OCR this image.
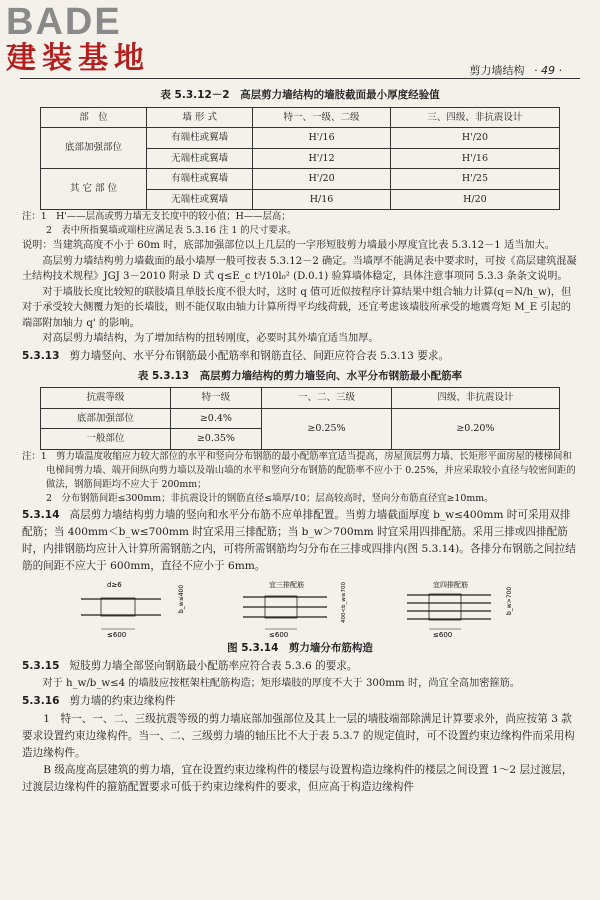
BADE
建装基地	剪力墙结构 · 49 ·
表 5.3.12－2　高层剪力墙结构的墙肢截面最小厚度经验值
部　位	墙 形 式	特一、一级、二级	三、四级、非抗震设计
底部加强部位	有端柱或翼墙	H'/16	H'/20
	无端柱或翼墙	H'/12	H'/16
其 它 部 位	有端柱或翼墙	H'/20	H'/25
	无端柱或翼墙	H/16	H/20

注：1　H'——层高或剪力墙无支长度中的较小值；H——层高；

2　表中所指翼墙或端柱应满足表 5.3.16 注 1 的尺寸要求。

说明：当建筑高度不小于 60m 时，底部加强部位以上几层的一字形短肢剪力墙最小厚度宜比表 5.3.12－1 适当加大。

高层剪力墙结构剪力墙截面的最小墙厚一般可按表 5.3.12－2 确定。当墙厚不能满足表中要求时，可按《高层建筑混凝土结构技术规程》JGJ 3－2010 附录 D 式 q≤E_c t³/10l₀² (D.0.1) 验算墙体稳定，具体注意事项同 5.3.3 条条文说明。

对于墙肢长度比较短的联肢墙且单肢长度不很大时，这时 q 值可近似按程序计算结果中组合轴力计算(q＝N/h_w)，但对于承受较大侧覆力矩的长墙肢，则不能仅取由轴力计算所得平均线荷载，还宜考虑该墙肢所承受的地震弯矩 M_E 引起的端部附加轴力 q' 的影响。

对高层剪力墙结构，为了增加结构的扭转刚度，必要时其外墙宜适当加厚。

5.3.13 剪力墙竖向、水平分布钢筋最小配筋率和钢筋直径、间距应符合表 5.3.13 要求。

表 5.3.13　高层剪力墙结构的剪力墙竖向、水平分布钢筋最小配筋率
抗震等级	特一级	一、二、三级	四级、非抗震设计
底部加强部位	≥0.4%	≥0.25%	≥0.20%
一般部位	≥0.35%		

注：1　剪力墙温度收缩应力较大部位的水平和竖向分布钢筋的最小配筋率宜适当提高，房屋顶层剪力墙、长矩形平面房屋的楼梯间和电梯间剪力墙、端开间纵向剪力墙以及端山墙的水平和竖向分布钢筋的配筋率不应小于 0.25%，并应采取较小直径与较密间距的做法，钢筋间距均不应大于 200mm；

2　分布钢筋间距≤300mm；非抗震设计的钢筋直径≤墙厚/10；层高较高时，竖向分布筋直径宜≥10mm。

5.3.14 高层剪力墙结构剪力墙的竖向和水平分布筋不应单排配置。当剪力墙截面厚度 b_w≤400mm 时可采用双排配筋；当 400mm＜b_w≤700mm 时宜采用三排配筋；当 b_w＞700mm 时宜采用四排配筋。采用三排或四排配筋时，内排钢筋均应计入计算所需钢筋之内，可将所需钢筋均匀分布在三排或四排内(图 5.3.14)。各排分布钢筋之间拉结筋的间距不应大于 600mm，直径不应小于 6mm。

d≥6
≤600
b_w≤400	宜三排配筋
≤600
400<b_w≤700	宜四排配筋
≤600
b_w>700
图 5.3.14　剪力墙分布筋构造

5.3.15 短肢剪力墙全部竖向钢筋最小配筋率应符合表 5.3.6 的要求。

对于 h_w/b_w≤4 的墙肢应按框架柱配筋构造；矩形墙肢的厚度不大于 300mm 时，尚宜全高加密箍筋。

5.3.16 剪力墙的约束边缘构件

1　特一、一、二、三级抗震等级的剪力墙底部加强部位及其上一层的墙肢端部除满足计算要求外，尚应按第 3 款要求设置约束边缘构件。当一、二、三级剪力墙的轴压比不大于表 5.3.7 的规定值时，可不设置约束边缘构件而采用构造边缘构件。

B 级高度高层建筑的剪力墙，宜在设置约束边缘构件的楼层与设置构造边缘构件的楼层之间设置 1～2 层过渡层，过渡层边缘构件的箍筋配置要求可低于约束边缘构件的要求，但应高于构造边缘构件
